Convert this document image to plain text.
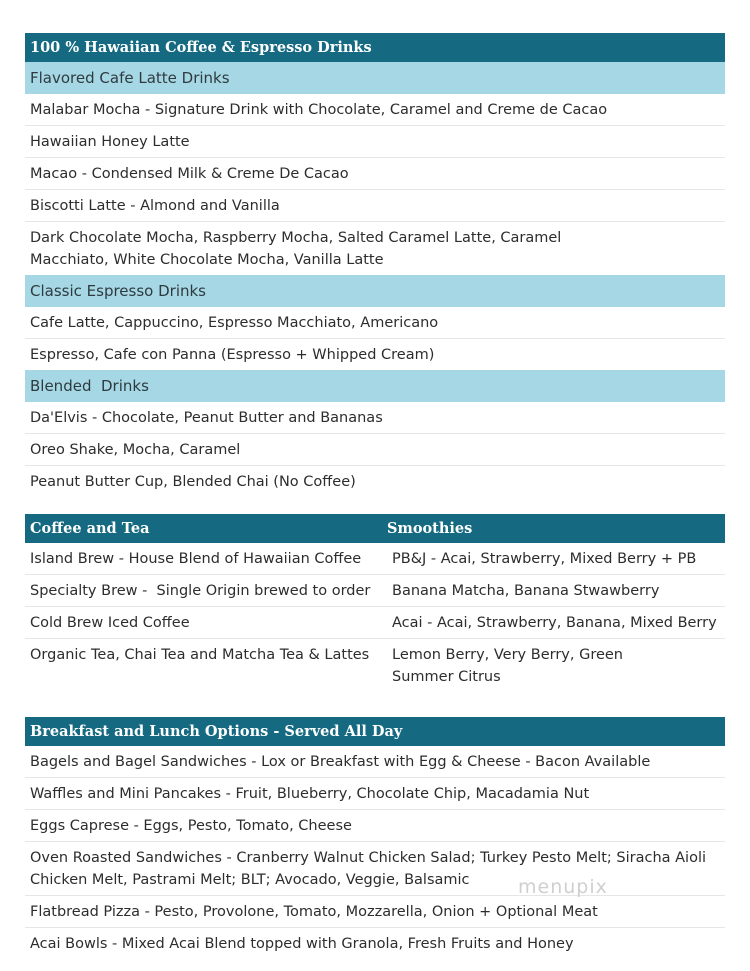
100 % Hawaiian Coffee & Espresso Drinks
Flavored Cafe Latte Drinks
Malabar Mocha - Signature Drink with Chocolate, Caramel and Creme de Cacao
Hawaiian Honey Latte
Macao - Condensed Milk & Creme De Cacao
Biscotti Latte - Almond and Vanilla
Dark Chocolate Mocha, Raspberry Mocha, Salted Caramel Latte, Caramel Macchiato, White Chocolate Mocha, Vanilla Latte
Classic Espresso Drinks
Cafe Latte, Cappuccino, Espresso Macchiato, Americano
Espresso, Cafe con Panna (Espresso + Whipped Cream)
Blended  Drinks
Da'Elvis - Chocolate, Peanut Butter and Bananas
Oreo Shake, Mocha, Caramel
Peanut Butter Cup, Blended Chai (No Coffee)
Coffee and Tea	Smoothies
Island Brew - House Blend of Hawaiian Coffee	PB&J - Acai, Strawberry, Mixed Berry + PB
Specialty Brew -  Single Origin brewed to order	Banana Matcha, Banana Stwawberry
Cold Brew Iced Coffee	Acai - Acai, Strawberry, Banana, Mixed Berry
Organic Tea, Chai Tea and Matcha Tea & Lattes	Lemon Berry, Very Berry, Green Summer Citrus
Breakfast and Lunch Options - Served All Day
Bagels and Bagel Sandwiches - Lox or Breakfast with Egg & Cheese - Bacon Available
Waffles and Mini Pancakes - Fruit, Blueberry, Chocolate Chip, Macadamia Nut
Eggs Caprese - Eggs, Pesto, Tomato, Cheese
Oven Roasted Sandwiches - Cranberry Walnut Chicken Salad; Turkey Pesto Melt; Siracha Aioli Chicken Melt, Pastrami Melt; BLT; Avocado, Veggie, Balsamic
Flatbread Pizza - Pesto, Provolone, Tomato, Mozzarella, Onion + Optional Meat
Acai Bowls - Mixed Acai Blend topped with Granola, Fresh Fruits and Honey
menupix
